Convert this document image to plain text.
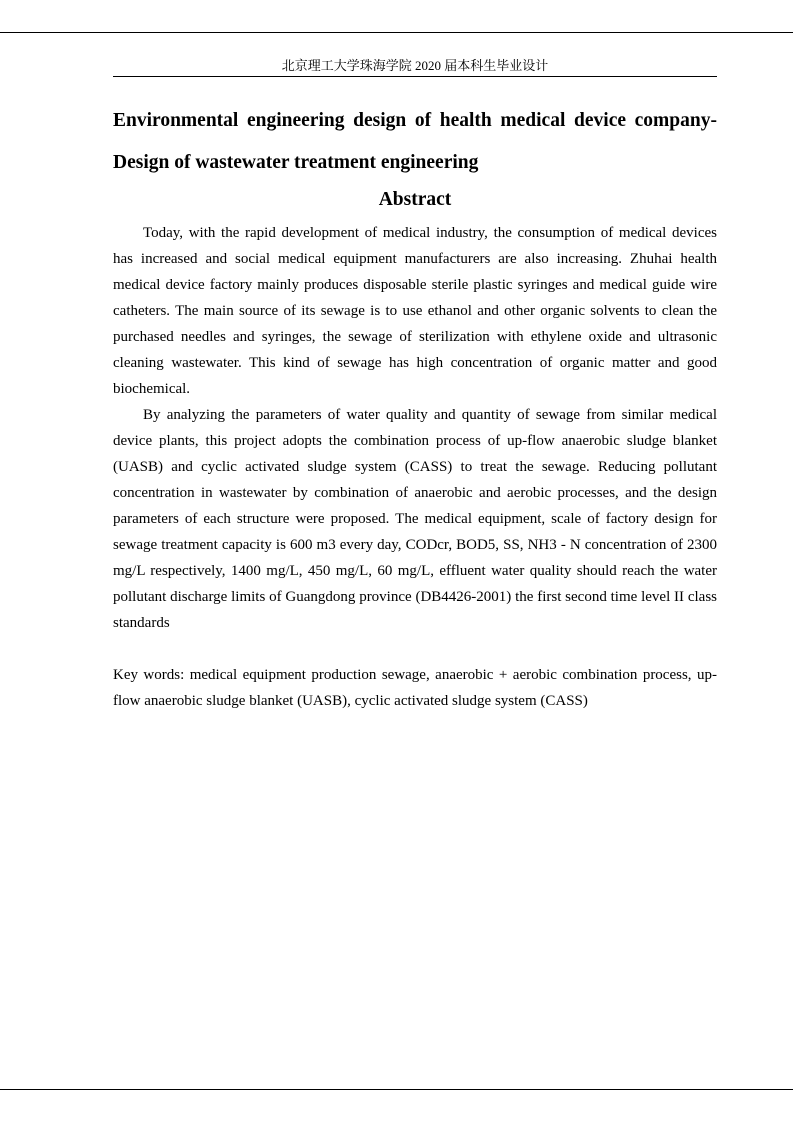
北京理工大学珠海学院 2020 届本科生毕业设计
Environmental engineering design of health medical device company- Design of wastewater treatment engineering
Abstract

Today, with the rapid development of medical industry, the consumption of medical devices has increased and social medical equipment manufacturers are also increasing. Zhuhai health medical device factory mainly produces disposable sterile plastic syringes and medical guide wire catheters. The main source of its sewage is to use ethanol and other organic solvents to clean the purchased needles and syringes, the sewage of sterilization with ethylene oxide and ultrasonic cleaning wastewater. This kind of sewage has high concentration of organic matter and good biochemical.

By analyzing the parameters of water quality and quantity of sewage from similar medical device plants, this project adopts the combination process of up-flow anaerobic sludge blanket (UASB) and cyclic activated sludge system (CASS) to treat the sewage. Reducing pollutant concentration in wastewater by combination of anaerobic and aerobic processes, and the design parameters of each structure were proposed. The medical equipment, scale of factory design for sewage treatment capacity is 600 m3 every day, CODcr, BOD5, SS, NH3 - N concentration of 2300 mg/L respectively, 1400 mg/L, 450 mg/L, 60 mg/L, effluent water quality should reach the water pollutant discharge limits of Guangdong province (DB4426-2001) the first second time level II class standards

Key words: medical equipment production sewage, anaerobic + aerobic combination process, up-flow anaerobic sludge blanket (UASB), cyclic activated sludge system (CASS)
